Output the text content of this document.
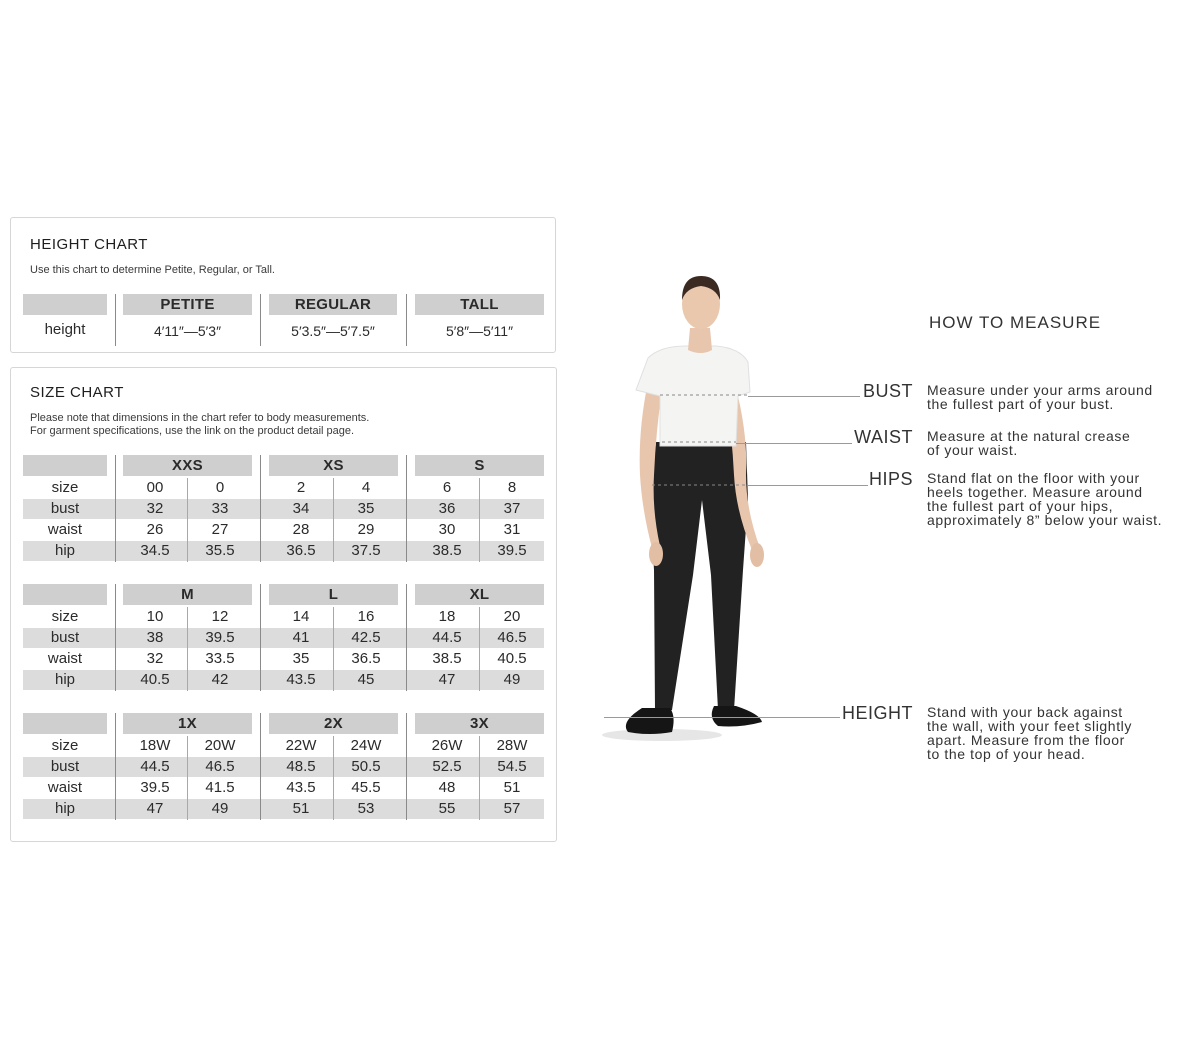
HEIGHT CHART
Use this chart to determine Petite, Regular, or Tall.
PETITE	REGULAR	TALL
height	4′11″—5′3″	5′3.5″—5′7.5″	5′8″—5′11″
SIZE CHART
Please note that dimensions in the chart refer to body measurements.
For garment specifications, use the link on the product detail page.
XXS	XS	S
size	00	0	2	4	6	8
bust	32	33	34	35	36	37
waist	26	27	28	29	30	31
hip	34.5	35.5	36.5	37.5	38.5	39.5
M	L	XL
size	10	12	14	16	18	20
bust	38	39.5	41	42.5	44.5	46.5
waist	32	33.5	35	36.5	38.5	40.5
hip	40.5	42	43.5	45	47	49
1X	2X	3X
size	18W	20W	22W	24W	26W	28W
bust	44.5	46.5	48.5	50.5	52.5	54.5
waist	39.5	41.5	43.5	45.5	48	51
hip	47	49	51	53	55	57
HOW TO MEASURE
BUST Measure under your arms around
the fullest part of your bust.
WAIST Measure at the natural crease
of your waist.
HIPS Stand flat on the floor with your
heels together. Measure around
the fullest part of your hips,
approximately 8” below your waist.
HEIGHT Stand with your back against
the wall, with your feet slightly
apart. Measure from the floor
to the top of your head.
